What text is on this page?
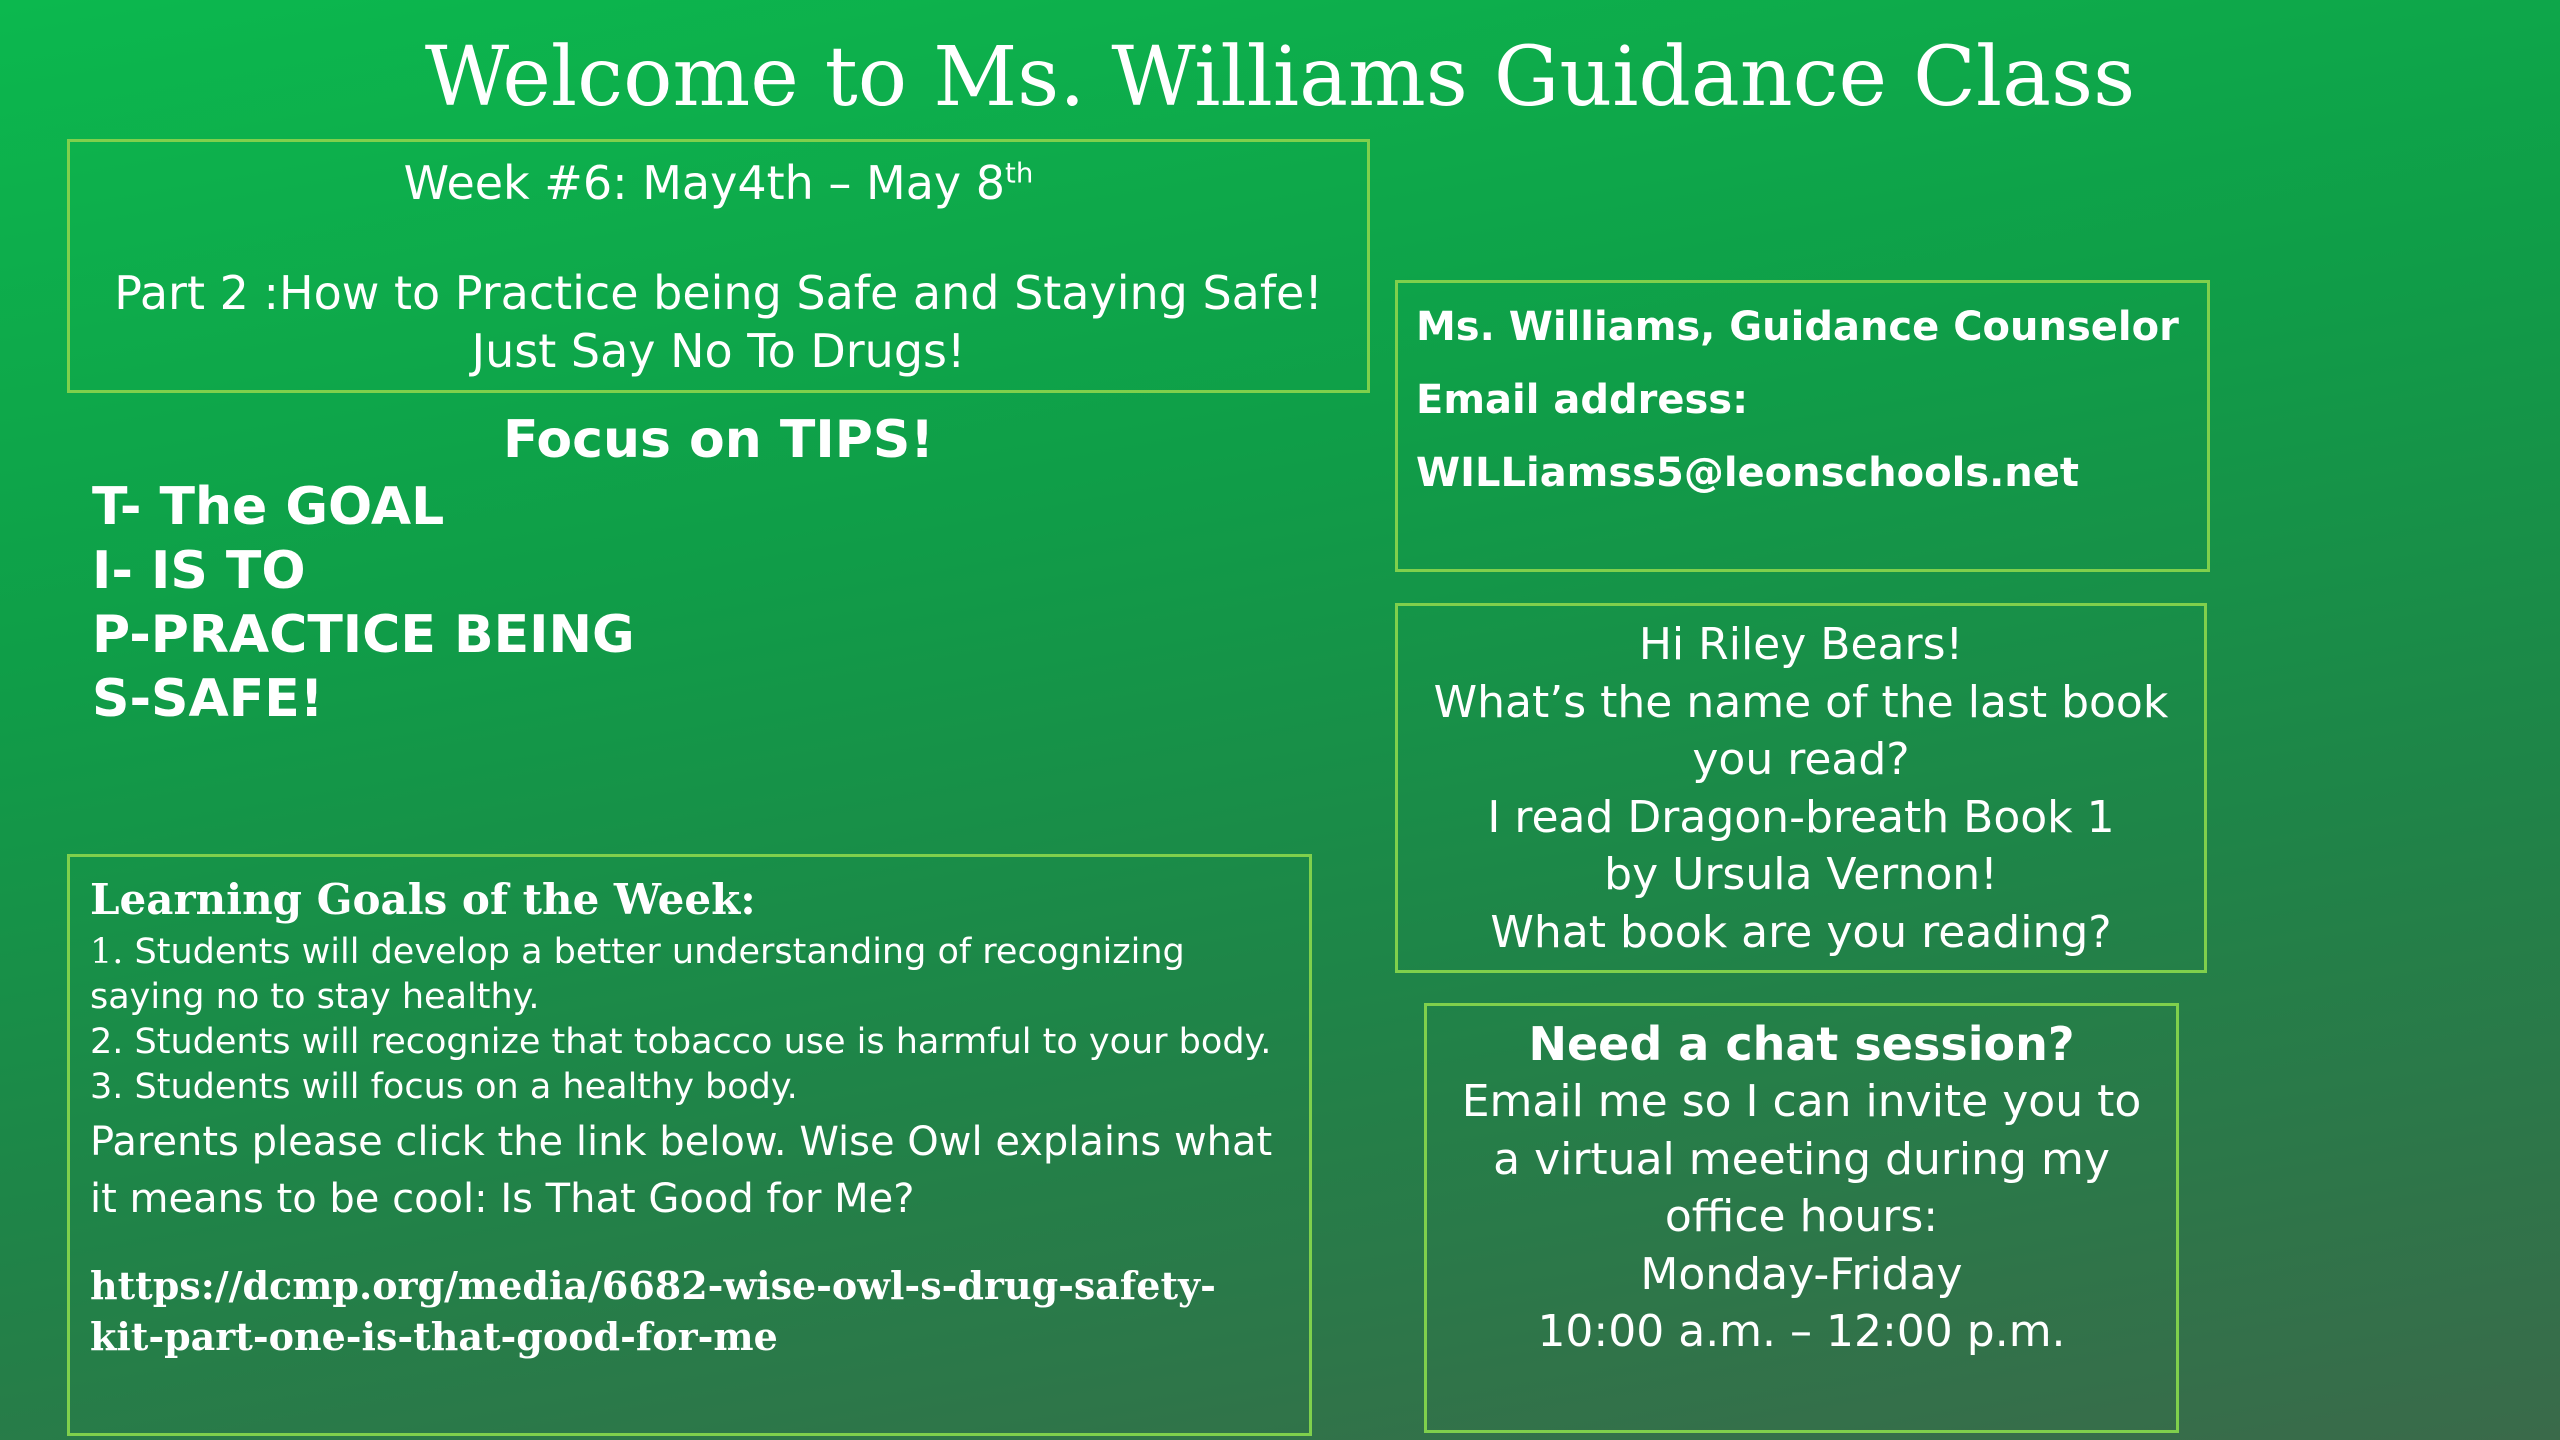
Welcome to Ms. Williams Guidance Class
Week #6: May4th – May 8th
Part 2 :How to Practice being Safe and Staying Safe!
Just Say No To Drugs!
Focus on TIPS!
T- The GOAL
I- IS TO
P-PRACTICE BEING
S-SAFE!
Learning Goals of the Week:
1. Students will develop a better understanding of recognizing saying no to stay healthy.
2. Students will recognize that tobacco use is harmful to your body.
3. Students will focus on a healthy body.
Parents please click the link below. Wise Owl explains what it means to be cool: Is That Good for Me?
https://dcmp.org/media/6682-wise-owl-s-drug-safety-kit-part-one-is-that-good-for-me
Ms. Williams, Guidance Counselor
Email address:
WILLiamss5@leonschools.net
Hi Riley Bears!
What’s the name of the last book
you read?
I read Dragon-breath Book 1
by Ursula Vernon!
What book are you reading?
Need a chat session?
Email me so I can invite you to
a virtual meeting during my
office hours:
Monday-Friday
10:00 a.m. – 12:00 p.m.
